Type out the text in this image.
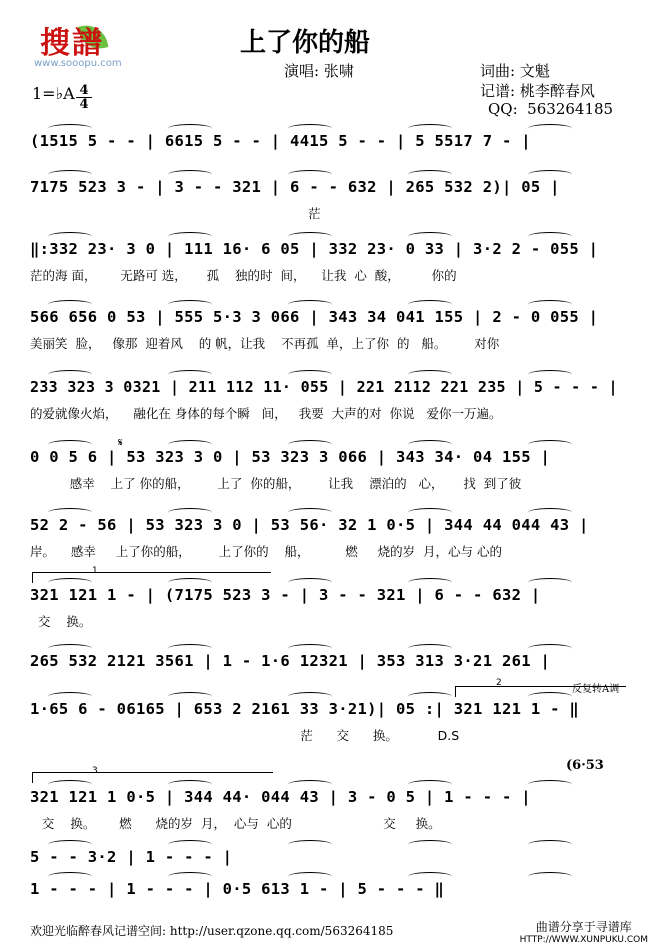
搜譜
www.sooopu.com
上了你的船
演唱: 张啸	词曲: 文魁
记谱: 桃李醉春风
QQ:  563264185
1=♭A 4
4
(1515 5 - - | 6615 5 - - | 4415 5 - - | 5 5517 7 - |
7175 523 3 - | 3 - - 321 | 6 - - 632 | 265 532 2)| 05 |
茫
‖:332 23· 3 0 | 111 16· 6 05 | 332 23· 0 33 | 3·2 2 - 055 |
茫的海 面，      无路可 选，     孤    独的时  间，    让我  心  酸，        你的
566 656 0 53 | 555 5·3 3 066 | 343 34 041 155 | 2 - 0 055 |
美丽笑  脸，   像那  迎着风    的 帆，让我    不再孤  单，上了你  的   船。       对你
233 323 3 0321 | 211 112 11· 055 | 221 2112 221 235 | 5 - - - |
的爱就像火焰，    融化在 身体的每个瞬   间，   我要  大声的对  你说   爱你一万遍。
0 0 5 6 | 53 323 3 0 | 53 323 3 066 | 343 34· 04 155 |
感幸    上了 你的船，       上了  你的船，       让我    漂泊的   心，     找  到了彼
52 2 - 56 | 53 323 3 0 | 53 56· 32 1 0·5 | 344 44 044 43 |
岸。    感幸     上了你的船，       上了你的    船，         燃     烧的岁  月，心与 心的
321 121 1 - | (7175 523 3 - | 3 - - 321 | 6 - - 632 |
交    换。
265 532 2121 3561 | 1 - 1·6 12321 | 353 313 3·21 261 |
1·65 6 - 06165 | 653 2 2161 33 3·21)| 05 :| 321 121 1 - ‖
茫      交      换。          D.S
321 121 1 0·5 | 344 44· 044 43 | 3 - 0 5 | 1 - - - |
交    换。      燃      烧的岁  月，  心与  心的                       交     换。
5 - - 3·2 | 1 - - - |
1 - - - | 1 - - - | 0·5 613 1 - | 5 - - - ‖
1
2
反复转A调
3	(6·53
𝄋
欢迎光临醉春风记谱空间: http://user.qzone.qq.com/563264185	曲谱分享于寻谱库
HTTP://WWW.XUNPUKU.COM
